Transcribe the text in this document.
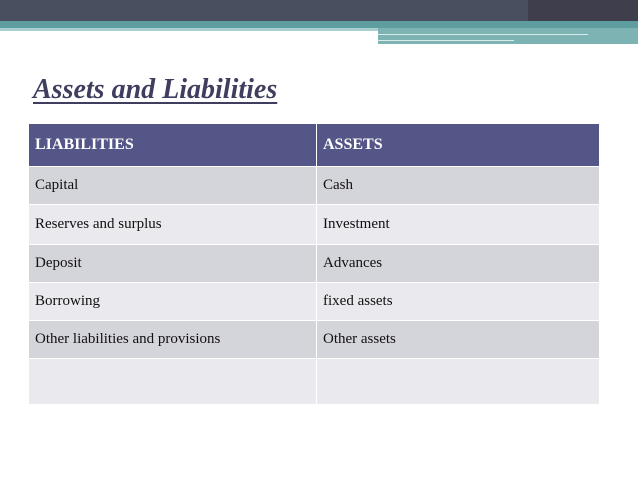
Assets and Liabilities
LIABILITIES	ASSETS
Capital	Cash
Reserves and surplus	Investment
Deposit	Advances
Borrowing	fixed assets
Other liabilities and provisions	Other assets
